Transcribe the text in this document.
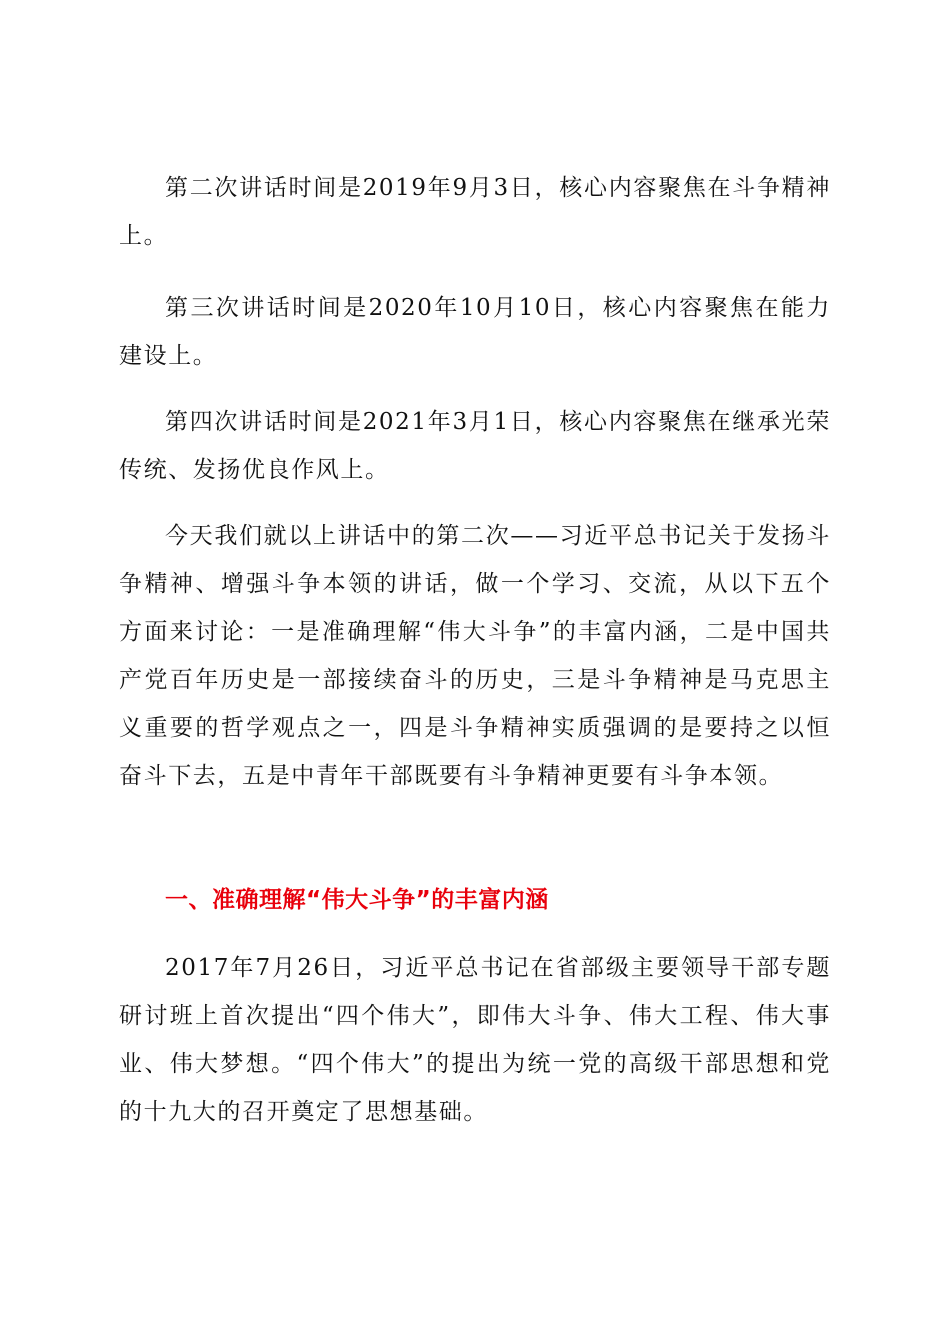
第二次讲话时间是2019年9月3日，核心内容聚焦在斗争精神上。

第三次讲话时间是2020年10月10日，核心内容聚焦在能力建设上。

第四次讲话时间是2021年3月1日，核心内容聚焦在继承光荣传统、发扬优良作风上。

今天我们就以上讲话中的第二次——习近平总书记关于发扬斗争精神、增强斗争本领的讲话，做一个学习、交流，从以下五个方面来讨论：一是准确理解“伟大斗争”的丰富内涵，二是中国共产党百年历史是一部接续奋斗的历史，三是斗争精神是马克思主义重要的哲学观点之一，四是斗争精神实质强调的是要持之以恒奋斗下去，五是中青年干部既要有斗争精神更要有斗争本领。

一、准确理解“伟大斗争”的丰富内涵

2017年7月26日，习近平总书记在省部级主要领导干部专题研讨班上首次提出“四个伟大”，即伟大斗争、伟大工程、伟大事业、伟大梦想。“四个伟大”的提出为统一党的高级干部思想和党的十九大的召开奠定了思想基础。
